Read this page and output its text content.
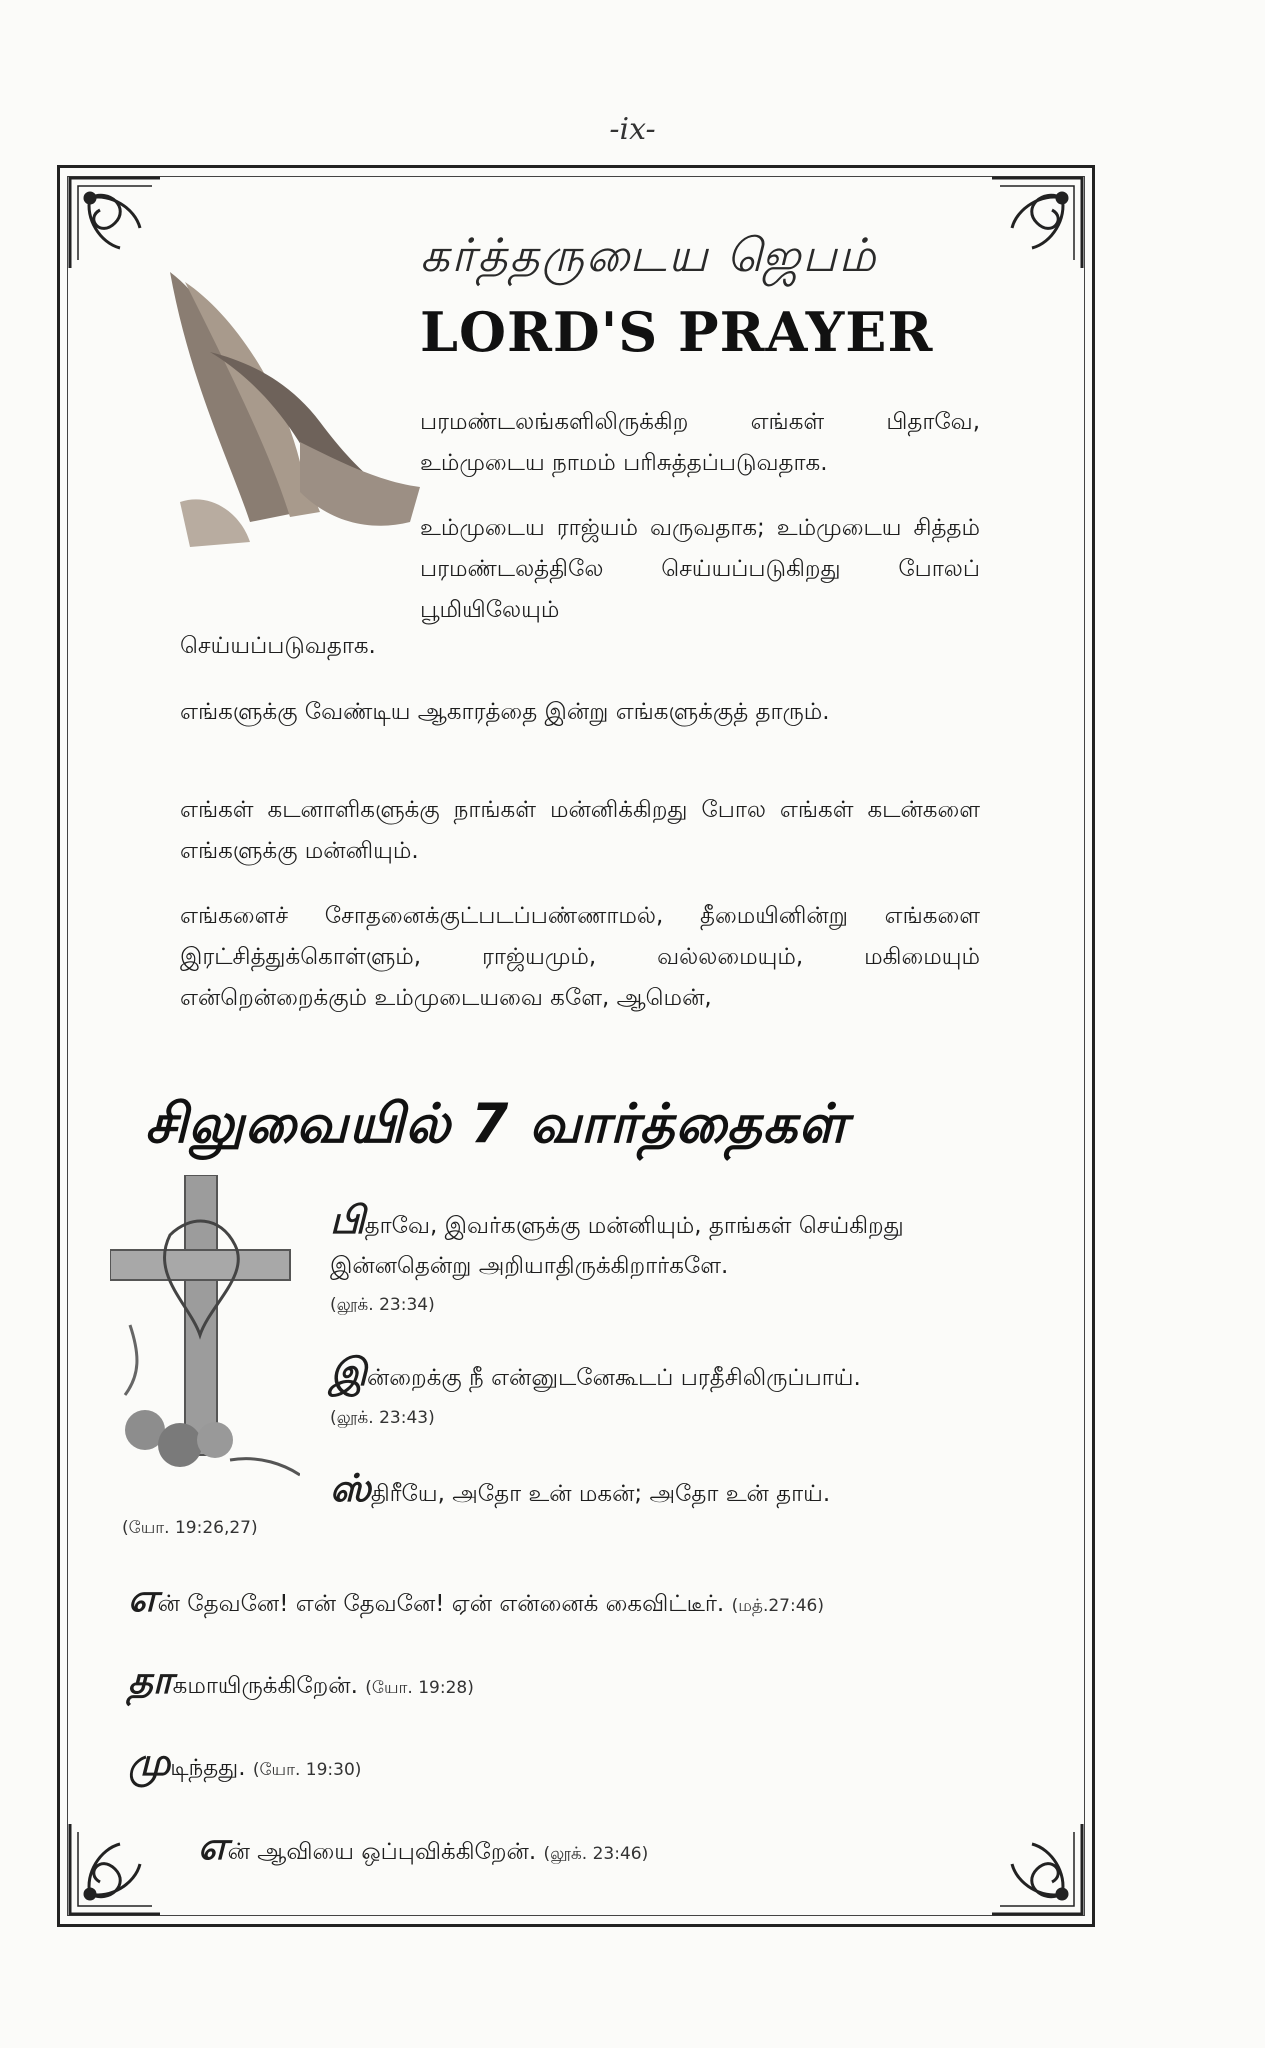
-ix-
கர்த்தருடைய ஜெபம்
LORD'S PRAYER
பரமண்டலங்களிலிருக்கிற எங்கள் பிதாவே, உம்முடைய நாமம் பரிசுத்தப்படுவதாக.
உம்முடைய ராஜ்யம் வருவதாக; உம்முடைய சித்தம் பரமண்டலத்திலே செய்யப்படுகிறது போலப் பூமியிலேயும்
செய்யப்படுவதாக.
எங்களுக்கு வேண்டிய ஆகாரத்தை இன்று எங்களுக்குத் தாரும்.
எங்கள் கடனாளிகளுக்கு நாங்கள் மன்னிக்கிறது போல எங்கள் கடன்களை எங்களுக்கு மன்னியும்.
எங்களைச் சோதனைக்குட்படப்பண்ணாமல், தீமையினின்று எங்களை இரட்சித்துக்கொள்ளும், ராஜ்யமும், வல்லமையும், மகிமையும் என்றென்றைக்கும் உம்முடையவை களே, ஆமென்,
சிலுவையில் 7 வார்த்தைகள்
பிதாவே, இவர்களுக்கு மன்னியும், தாங்கள் செய்கிறது இன்னதென்று அறியாதிருக்கிறார்களே.
(லூக். 23:34)
இன்றைக்கு நீ என்னுடனேகூடப் பரதீசிலிருப்பாய்.
(லூக். 23:43)
ஸ்திரீயே, அதோ உன் மகன்; அதோ உன் தாய்.
(யோ. 19:26,27)
என் தேவனே! என் தேவனே! ஏன் என்னைக் கைவிட்டீர். (மத்.27:46)
தாகமாயிருக்கிறேன். (யோ. 19:28)
முடிந்தது. (யோ. 19:30)
என் ஆவியை ஒப்புவிக்கிறேன். (லூக். 23:46)
